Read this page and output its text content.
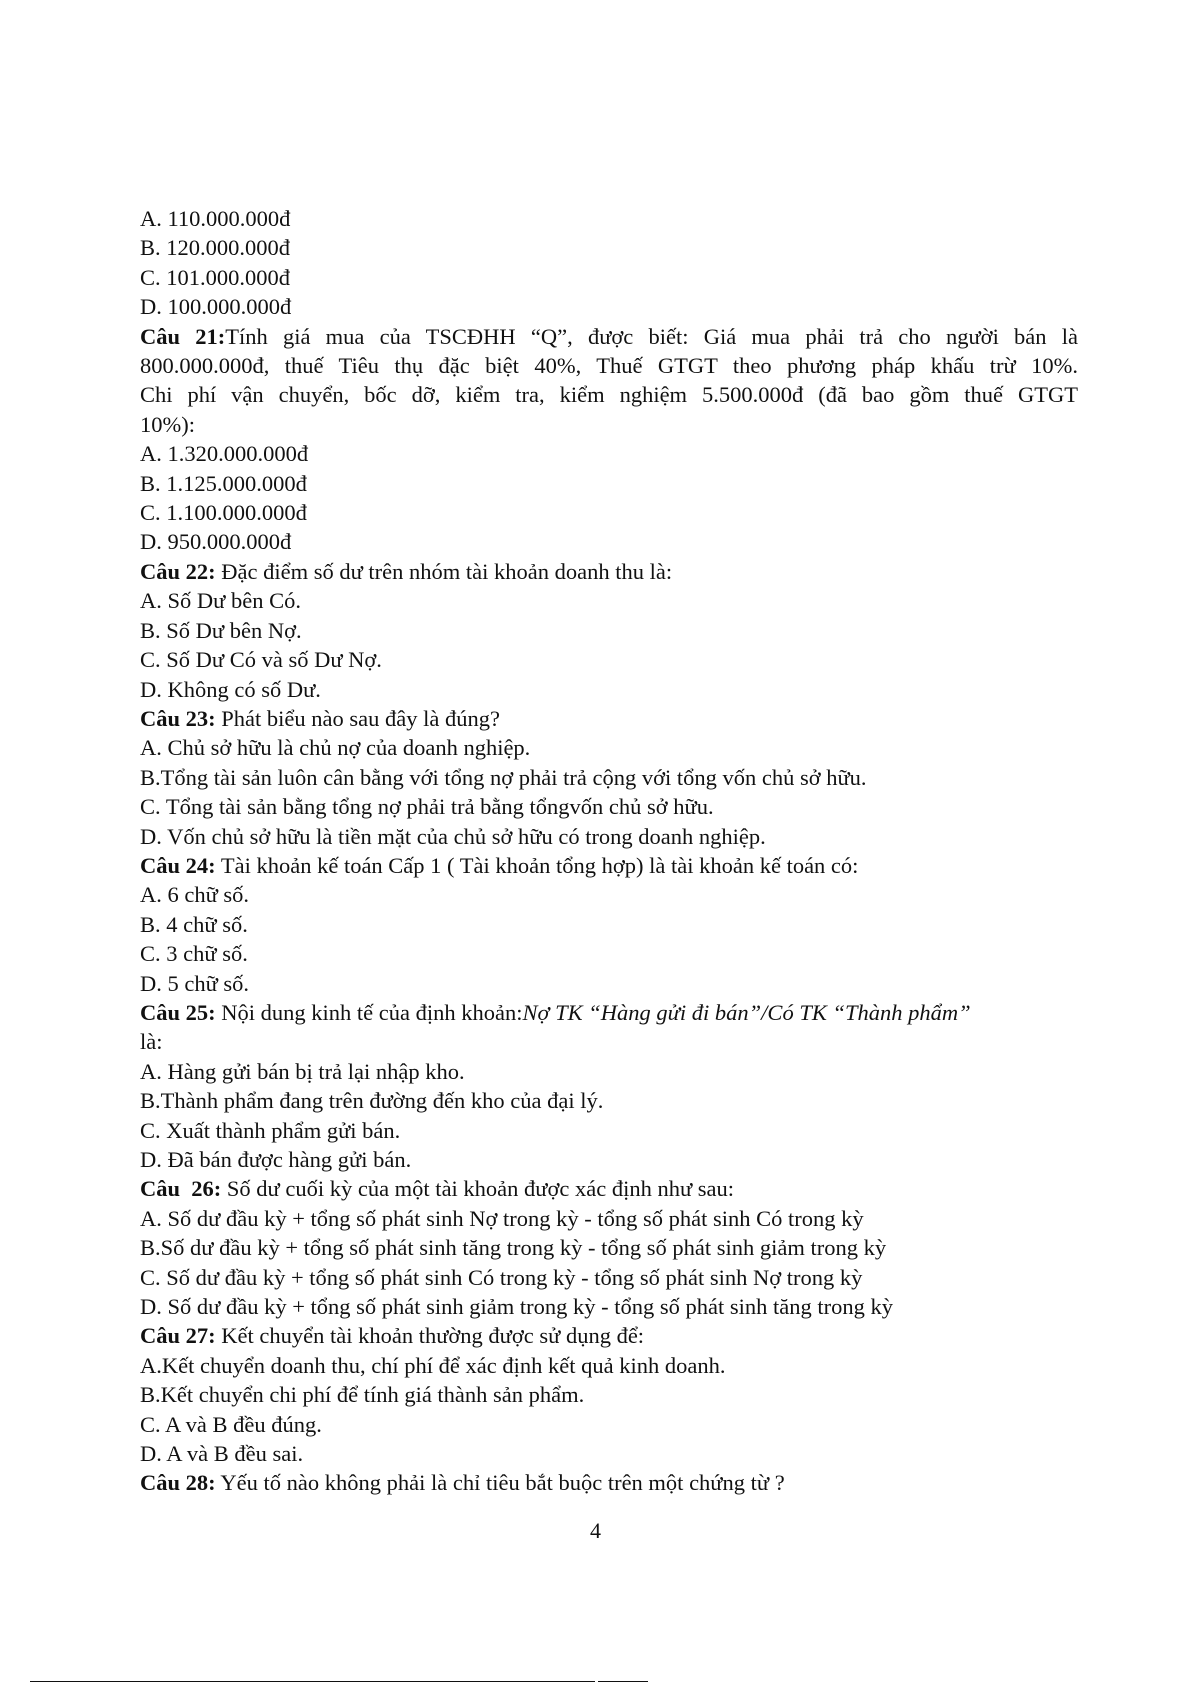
A. 110.000.000đ
B. 120.000.000đ
C. 101.000.000đ
D. 100.000.000đ
Câu 21:Tính giá mua của TSCĐHH “Q”, được biết: Giá mua phải trả cho người bán là
800.000.000đ, thuế Tiêu thụ đặc biệt 40%, Thuế GTGT theo phương pháp khấu trừ 10%.
Chi phí vận chuyển, bốc dỡ, kiểm tra, kiểm nghiệm 5.500.000đ (đã bao gồm thuế GTGT
10%):
A. 1.320.000.000đ
B. 1.125.000.000đ
C. 1.100.000.000đ
D. 950.000.000đ
Câu 22: Đặc điểm số dư trên nhóm tài khoản doanh thu là:
A. Số Dư bên Có.
B. Số Dư bên Nợ.
C. Số Dư Có và số Dư Nợ.
D. Không có số Dư.
Câu 23: Phát biểu nào sau đây là đúng?
A. Chủ sở hữu là chủ nợ của doanh nghiệp.
B.Tổng tài sản luôn cân bằng với tổng nợ phải trả cộng với tổng vốn chủ sở hữu.
C. Tổng tài sản bằng tổng nợ phải trả bằng tổngvốn chủ sở hữu.
D. Vốn chủ sở hữu là tiền mặt của chủ sở hữu có trong doanh nghiệp.
Câu 24: Tài khoản kế toán Cấp 1 ( Tài khoản tổng hợp) là tài khoản kế toán có:
A. 6 chữ số.
B. 4 chữ số.
C. 3 chữ số.
D. 5 chữ số.
Câu 25: Nội dung kinh tế của định khoản:Nợ TK “Hàng gửi đi bán”/Có TK “Thành phẩm”
là:
A. Hàng gửi bán bị trả lại nhập kho.
B.Thành phẩm đang trên đường đến kho của đại lý.
C. Xuất thành phẩm gửi bán.
D. Đã bán được hàng gửi bán.
Câu  26: Số dư cuối kỳ của một tài khoản được xác định như sau:
A. Số dư đầu kỳ + tổng số phát sinh Nợ trong kỳ - tổng số phát sinh Có trong kỳ
B.Số dư đầu kỳ + tổng số phát sinh tăng trong kỳ - tổng số phát sinh giảm trong kỳ
C. Số dư đầu kỳ + tổng số phát sinh Có trong kỳ - tổng số phát sinh Nợ trong kỳ
D. Số dư đầu kỳ + tổng số phát sinh giảm trong kỳ - tổng số phát sinh tăng trong kỳ
Câu 27: Kết chuyển tài khoản thường được sử dụng để:
A.Kết chuyển doanh thu, chí phí để xác định kết quả kinh doanh.
B.Kết chuyển chi phí để tính giá thành sản phẩm.
C. A và B đều đúng.
D. A và B đều sai.
Câu 28: Yếu tố nào không phải là chỉ tiêu bắt buộc trên một chứng từ ?
4
